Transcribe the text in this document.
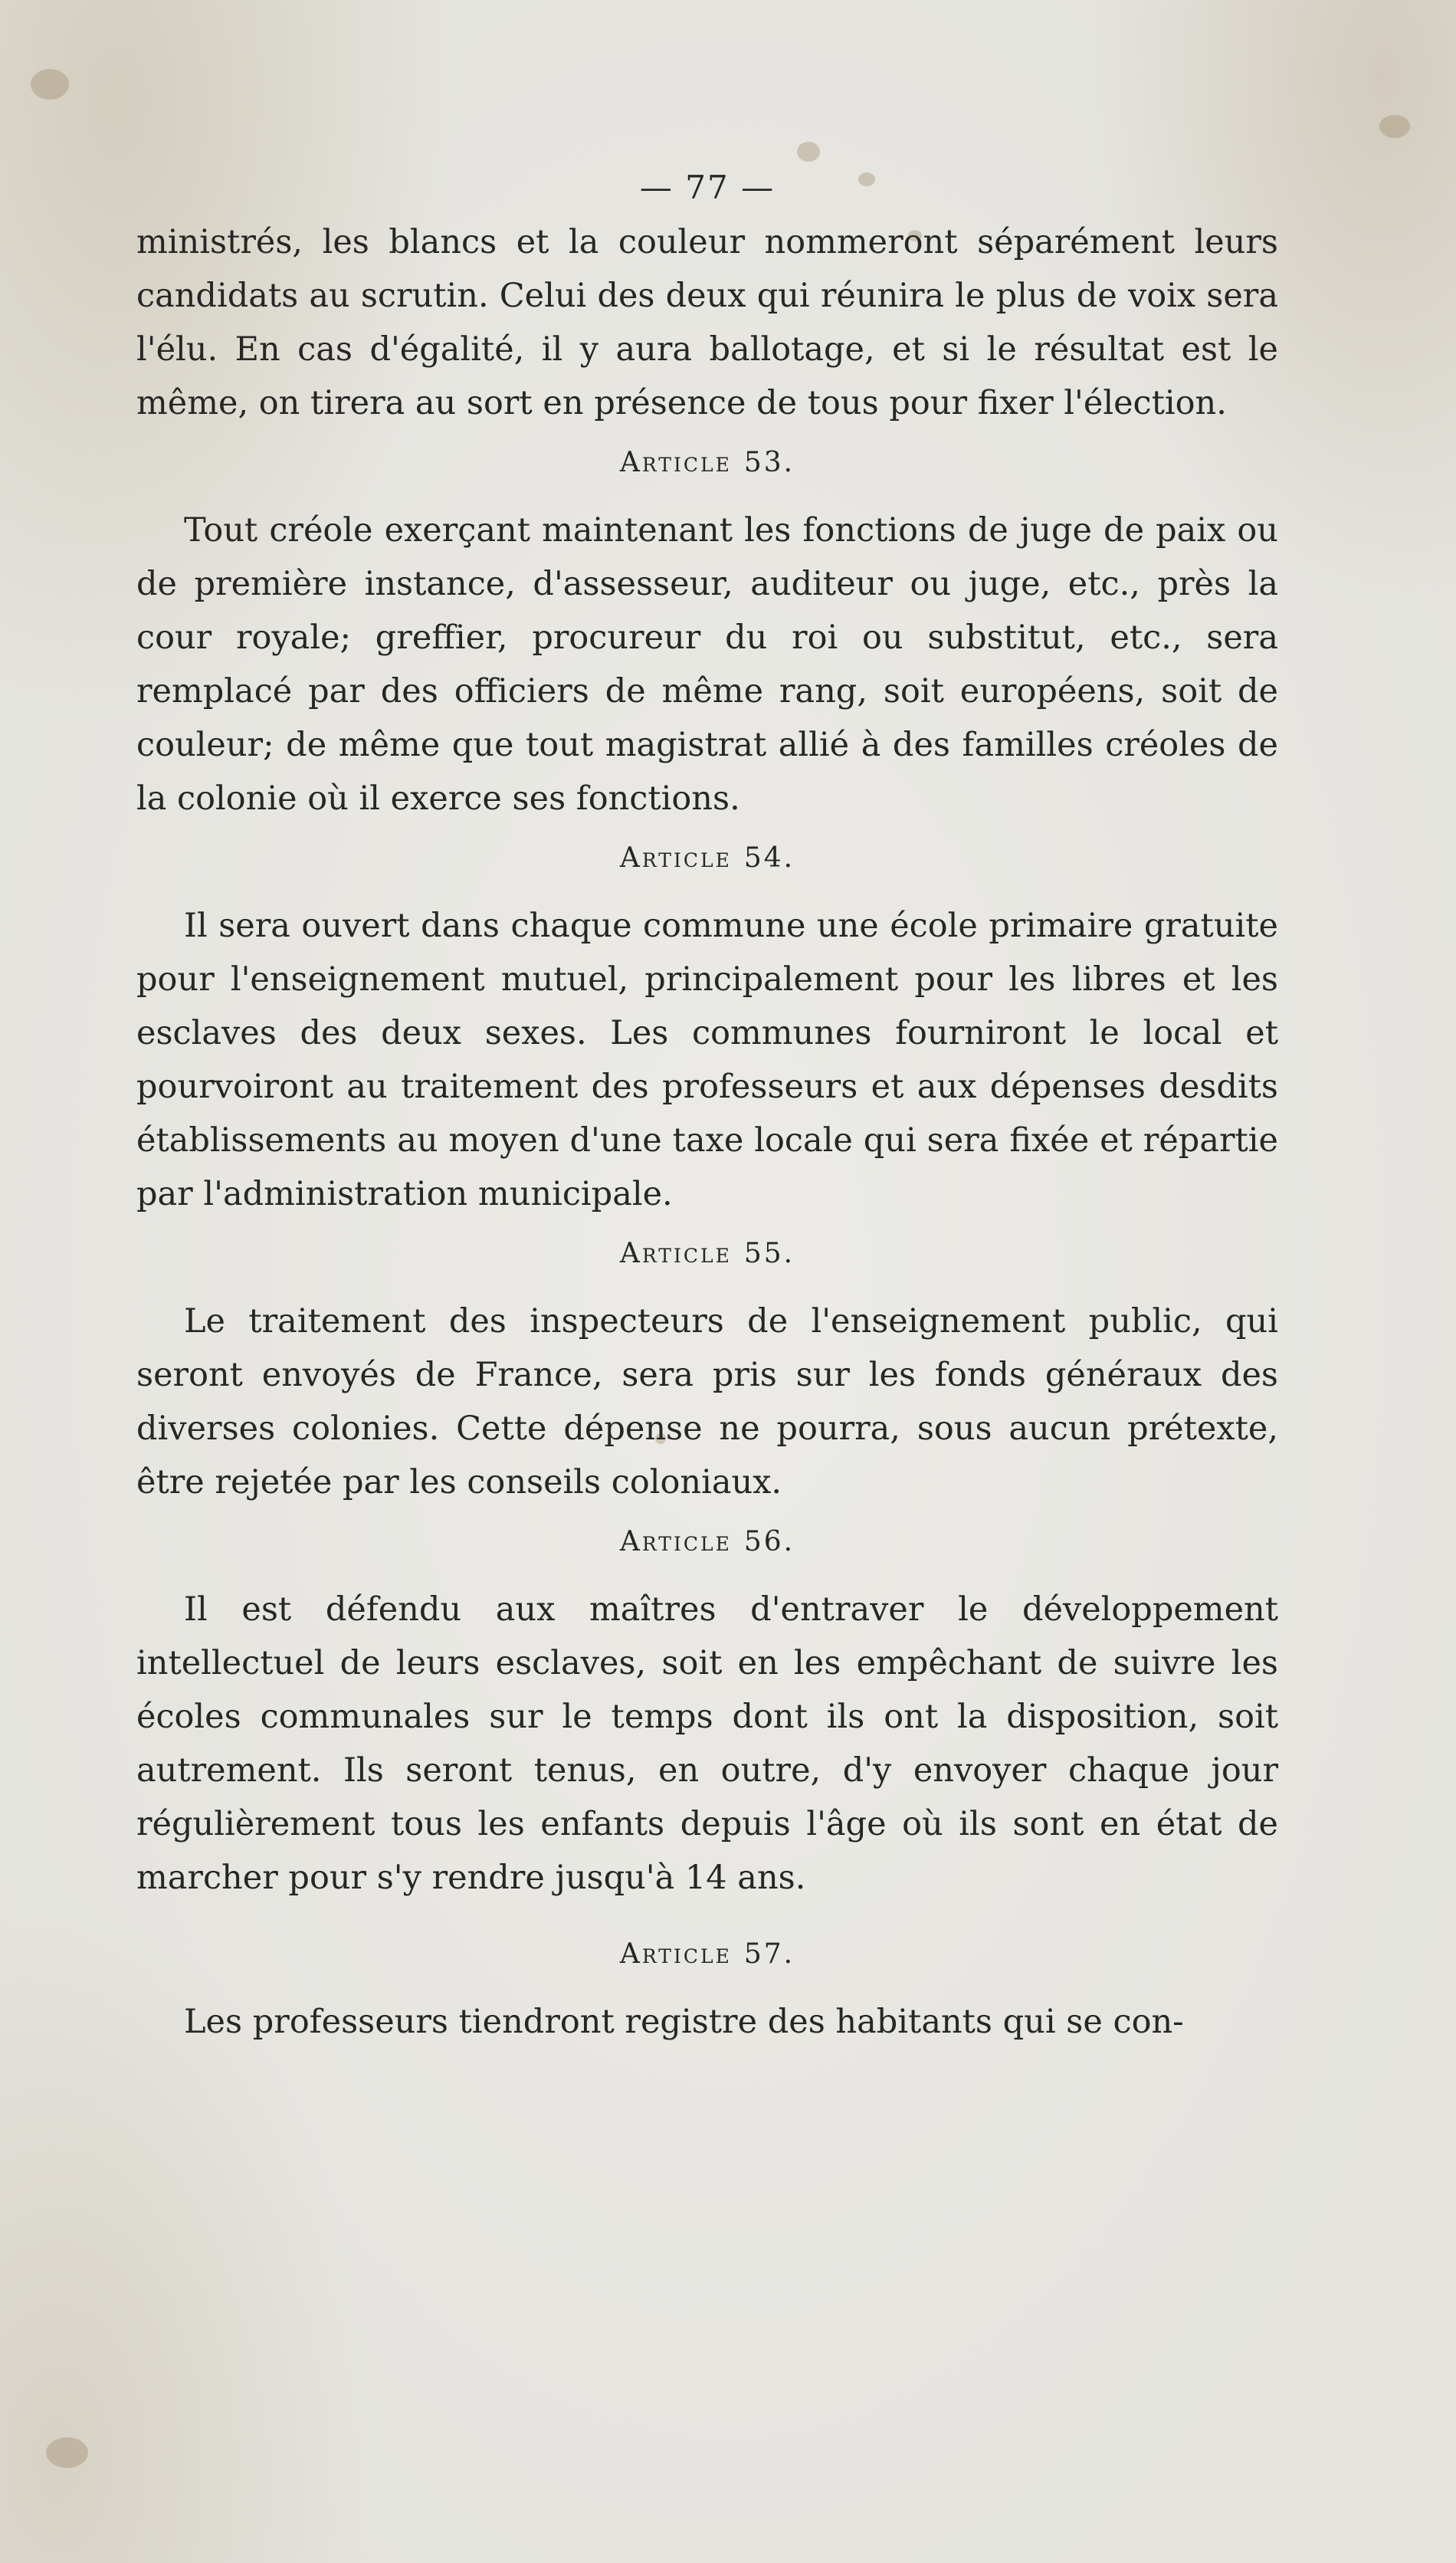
— 77 —

ministrés, les blancs et la couleur nommeront séparément leurs candidats au scrutin. Celui des deux qui réunira le plus de voix sera l'élu. En cas d'égalité, il y aura ballotage, et si le résultat est le même, on tirera au sort en présence de tous pour fixer l'élection.

Article 53.

Tout créole exerçant maintenant les fonctions de juge de paix ou de première instance, d'assesseur, auditeur ou juge, etc., près la cour royale; greffier, procureur du roi ou substitut, etc., sera remplacé par des officiers de même rang, soit européens, soit de couleur; de même que tout magistrat allié à des familles créoles de la colonie où il exerce ses fonctions.

Article 54.

Il sera ouvert dans chaque commune une école primaire gratuite pour l'enseignement mutuel, principalement pour les libres et les esclaves des deux sexes. Les communes fourniront le local et pourvoiront au traitement des professeurs et aux dépenses desdits établissements au moyen d'une taxe locale qui sera fixée et répartie par l'administration municipale.

Article 55.

Le traitement des inspecteurs de l'enseignement public, qui seront envoyés de France, sera pris sur les fonds généraux des diverses colonies. Cette dépense ne pourra, sous aucun prétexte, être rejetée par les conseils coloniaux.

Article 56.

Il est défendu aux maîtres d'entraver le développement intellectuel de leurs esclaves, soit en les empêchant de suivre les écoles communales sur le temps dont ils ont la disposition, soit autrement. Ils seront tenus, en outre, d'y envoyer chaque jour régulièrement tous les enfants depuis l'âge où ils sont en état de marcher pour s'y rendre jusqu'à 14 ans.

Article 57.

Les professeurs tiendront registre des habitants qui se con-
